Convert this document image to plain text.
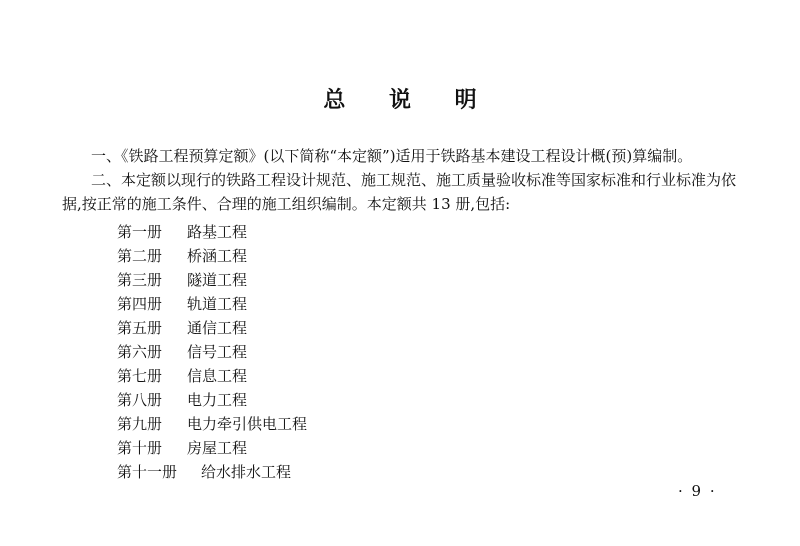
总 说 明
一、《铁路工程预算定额》(以下简称“本定额”)适用于铁路基本建设工程设计概(预)算编制。
二、本定额以现行的铁路工程设计规范、施工规范、施工质量验收标准等国家标准和行业标准为依
据,按正常的施工条件、合理的施工组织编制。本定额共 13 册,包括:
第一册	路基工程
第二册	桥涵工程
第三册	隧道工程
第四册	轨道工程
第五册	通信工程
第六册	信号工程
第七册	信息工程
第八册	电力工程
第九册	电力牵引供电工程
第十册	房屋工程
第十一册	给水排水工程
· 9 ·
